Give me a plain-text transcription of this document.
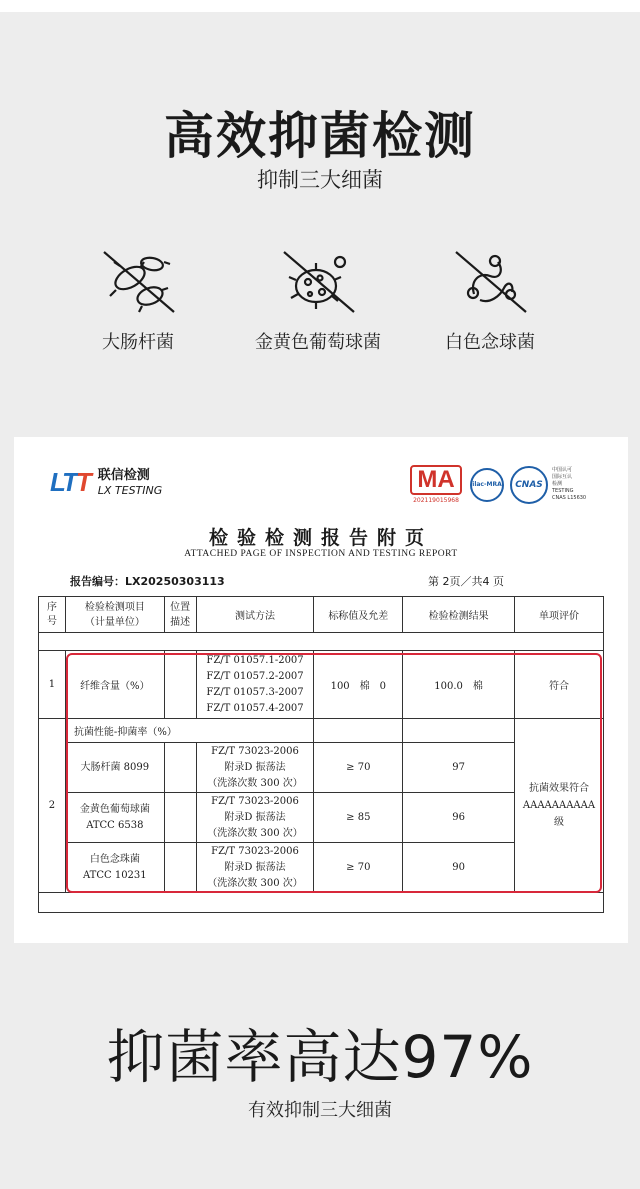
高效抑菌检测
抑制三大细菌
大肠杆菌	金黄色葡萄球菌	白色念球菌
LTT 联信检测
LX TESTING	MA
202119015968
ilac-MRA	CNAS
中国认可
国际互认
检测
TESTING
CNAS L15630
检验检测报告附页
ATTACHED PAGE OF INSPECTION AND TESTING REPORT
报告编号：LX20250303113	第 2页／共4 页
序
号	检验检测项目
（计量单位）	位置
描述	测试方法	标称值及允差	检验检测结果	单项评价

1	纤维含量（%）		FZ/T 01057.1-2007
FZ/T 01057.2-2007
FZ/T 01057.3-2007
FZ/T 01057.4-2007	100　棉　0	100.0　棉	符合
2	抗菌性能-抑菌率（%）					抗菌效果符合
AAAAAAAAAA
级
	大肠杆菌 8099		FZ/T 73023-2006
附录D 振荡法
（洗涤次数 300 次）	≥ 70	97	
	金黄色葡萄球菌
ATCC 6538		FZ/T 73023-2006
附录D 振荡法
（洗涤次数 300 次）	≥ 85	96	
	白色念珠菌
ATCC 10231		FZ/T 73023-2006
附录D 振荡法
（洗涤次数 300 次）	≥ 70	90	

抑菌率高达97%
有效抑制三大细菌
